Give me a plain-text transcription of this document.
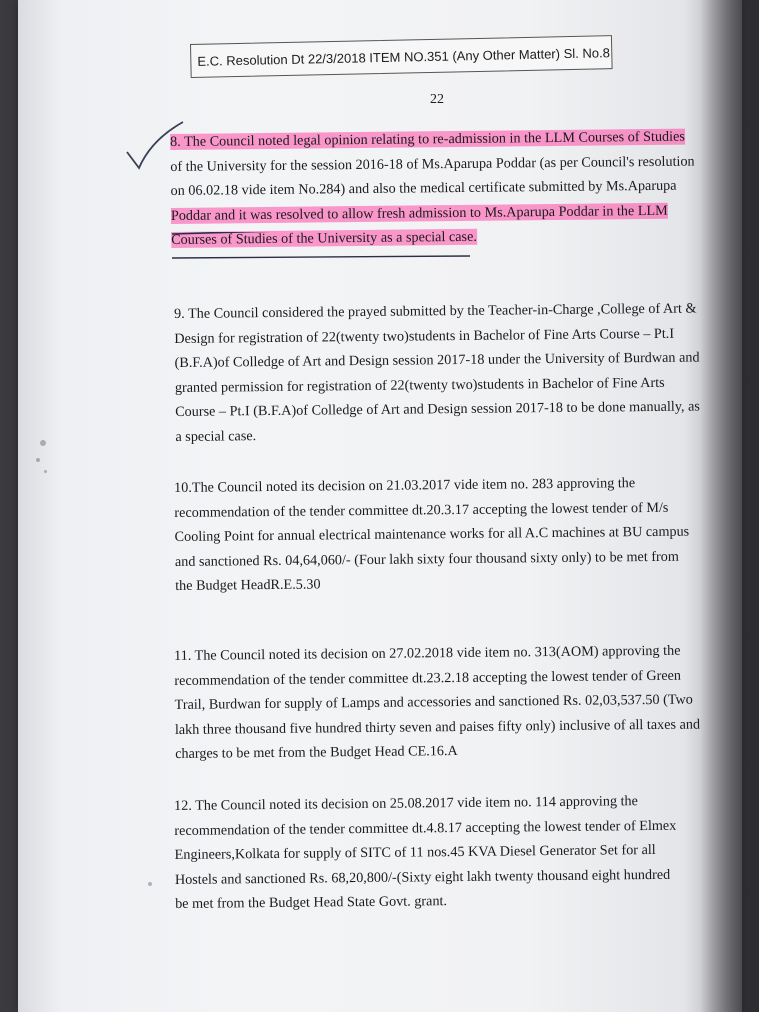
E.C. Resolution Dt 22/3/2018 ITEM NO.351 (Any Other Matter) Sl. No.8
22
8. The Council noted legal opinion relating to re-admission in the LLM Courses of Studies
of the University for the session 2016-18 of Ms.Aparupa Poddar (as per Council's resolution
on 06.02.18 vide item No.284) and also the medical certificate submitted by Ms.Aparupa
Poddar and it was resolved to allow fresh admission to Ms.Aparupa Poddar in the LLM
Courses of Studies of the University as a special case.
9. The Council considered the prayed submitted by the Teacher-in-Charge ,College of Art &
Design for registration of 22(twenty two)students in Bachelor of Fine Arts Course – Pt.I
(B.F.A)of Colledge of Art and Design session 2017-18 under the University of Burdwan and
granted permission for registration of 22(twenty two)students in Bachelor of Fine Arts
Course – Pt.I (B.F.A)of Colledge of Art and Design session 2017-18 to be done manually, as
a special case.
10.The Council noted its decision on 21.03.2017 vide item no. 283 approving the
recommendation of the tender committee dt.20.3.17 accepting the lowest tender of M/s
Cooling Point for annual electrical maintenance works for all A.C machines at BU campus
and sanctioned Rs. 04,64,060/- (Four lakh sixty four thousand sixty only) to be met from
the Budget HeadR.E.5.30
11. The Council noted its decision on 27.02.2018 vide item no. 313(AOM) approving the
recommendation of the tender committee dt.23.2.18 accepting the lowest tender of Green
Trail, Burdwan for supply of Lamps and accessories and sanctioned Rs. 02,03,537.50 (Two
lakh three thousand five hundred thirty seven and paises fifty only) inclusive of all taxes and
charges to be met from the Budget Head CE.16.A
12. The Council noted its decision on 25.08.2017 vide item no. 114 approving the
recommendation of the tender committee dt.4.8.17 accepting the lowest tender of Elmex
Engineers,Kolkata for supply of SITC of 11 nos.45 KVA Diesel Generator Set for all
Hostels and sanctioned Rs. 68,20,800/-(Sixty eight lakh twenty thousand eight hundred
be met from the Budget Head State Govt. grant.
